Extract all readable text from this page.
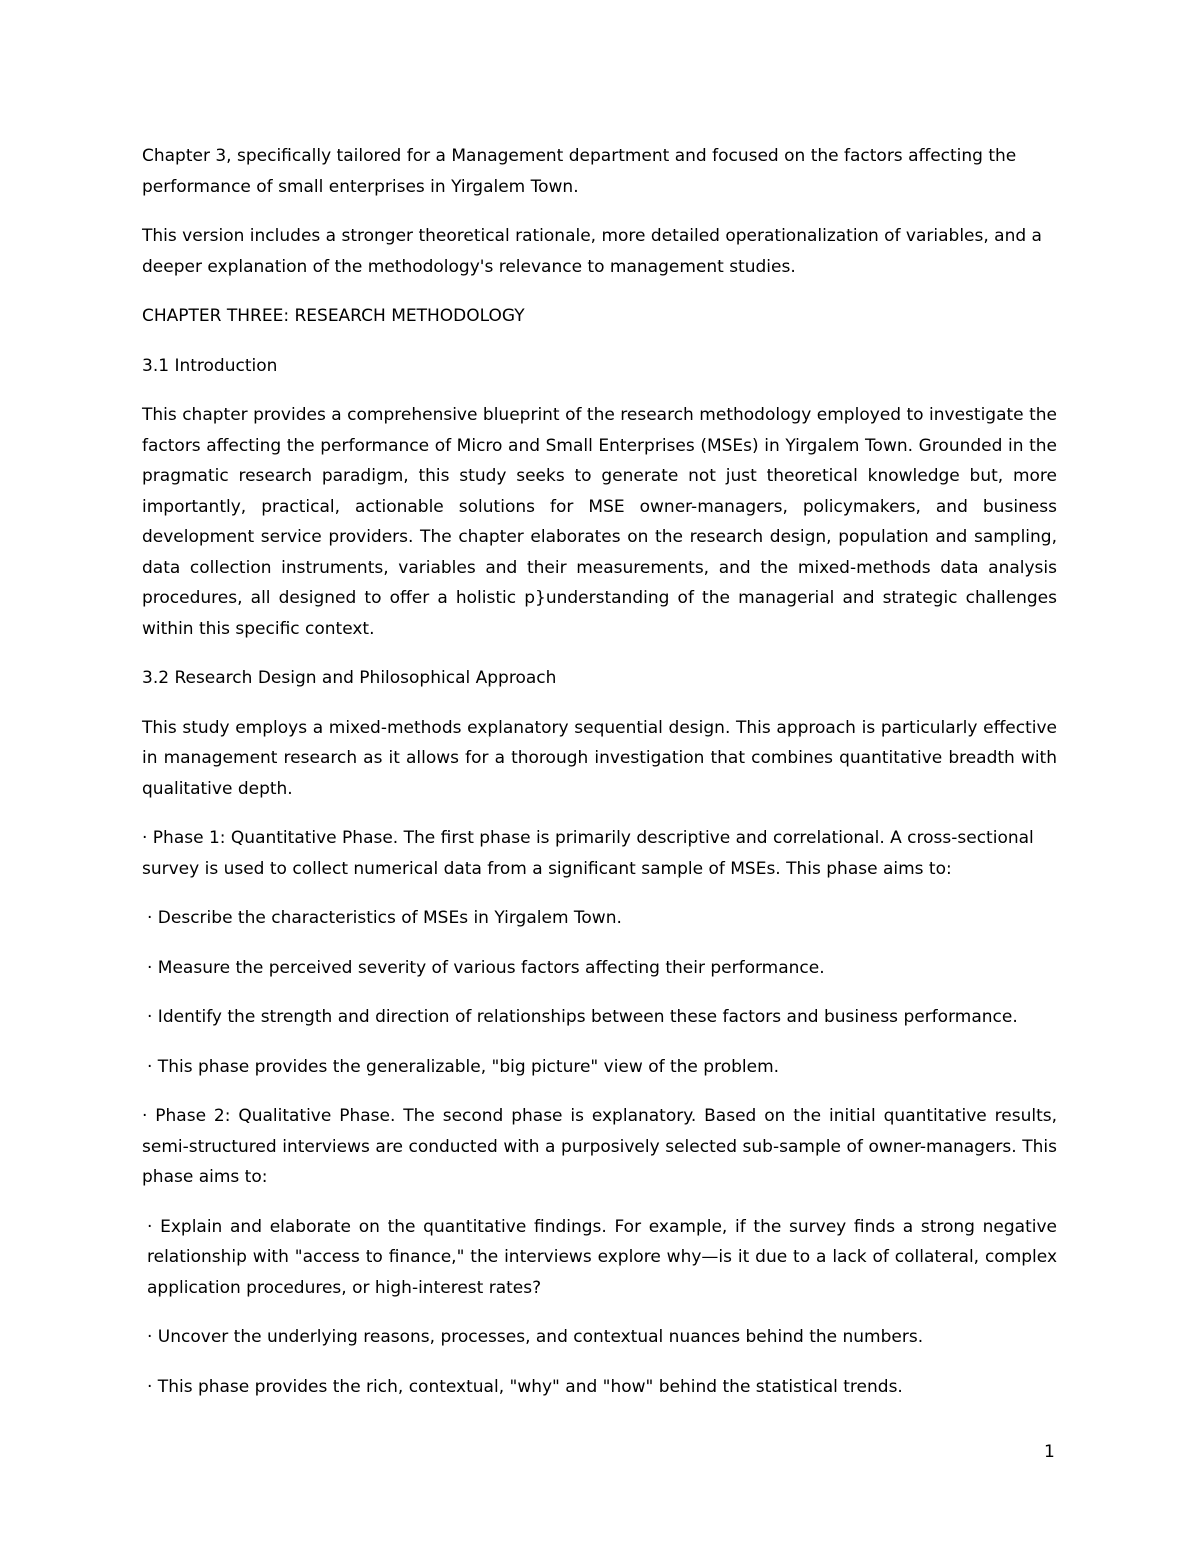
Chapter 3, specifically tailored for a Management department and focused on the factors affecting the performance of small enterprises in Yirgalem Town.

This version includes a stronger theoretical rationale, more detailed operationalization of variables, and a deeper explanation of the methodology's relevance to management studies.

CHAPTER THREE: RESEARCH METHODOLOGY

3.1 Introduction

This chapter provides a comprehensive blueprint of the research methodology employed to investigate the factors affecting the performance of Micro and Small Enterprises (MSEs) in Yirgalem Town. Grounded in the pragmatic research paradigm, this study seeks to generate not just theoretical knowledge but, more importantly, practical, actionable solutions for MSE owner-managers, policymakers, and business development service providers. The chapter elaborates on the research design, population and sampling, data collection instruments, variables and their measurements, and the mixed-methods data analysis procedures, all designed to offer a holistic p}understanding of the managerial and strategic challenges within this specific context.

3.2 Research Design and Philosophical Approach

This study employs a mixed-methods explanatory sequential design. This approach is particularly effective in management research as it allows for a thorough investigation that combines quantitative breadth with qualitative depth.

· Phase 1: Quantitative Phase. The first phase is primarily descriptive and correlational. A cross-sectional survey is used to collect numerical data from a significant sample of MSEs. This phase aims to:

· Describe the characteristics of MSEs in Yirgalem Town.

· Measure the perceived severity of various factors affecting their performance.

· Identify the strength and direction of relationships between these factors and business performance.

· This phase provides the generalizable, "big picture" view of the problem.

· Phase 2: Qualitative Phase. The second phase is explanatory. Based on the initial quantitative results, semi-structured interviews are conducted with a purposively selected sub-sample of owner-managers. This phase aims to:

· Explain and elaborate on the quantitative findings. For example, if the survey finds a strong negative relationship with "access to finance," the interviews explore why—is it due to a lack of collateral, complex application procedures, or high-interest rates?

· Uncover the underlying reasons, processes, and contextual nuances behind the numbers.

· This phase provides the rich, contextual, "why" and "how" behind the statistical trends.

1
